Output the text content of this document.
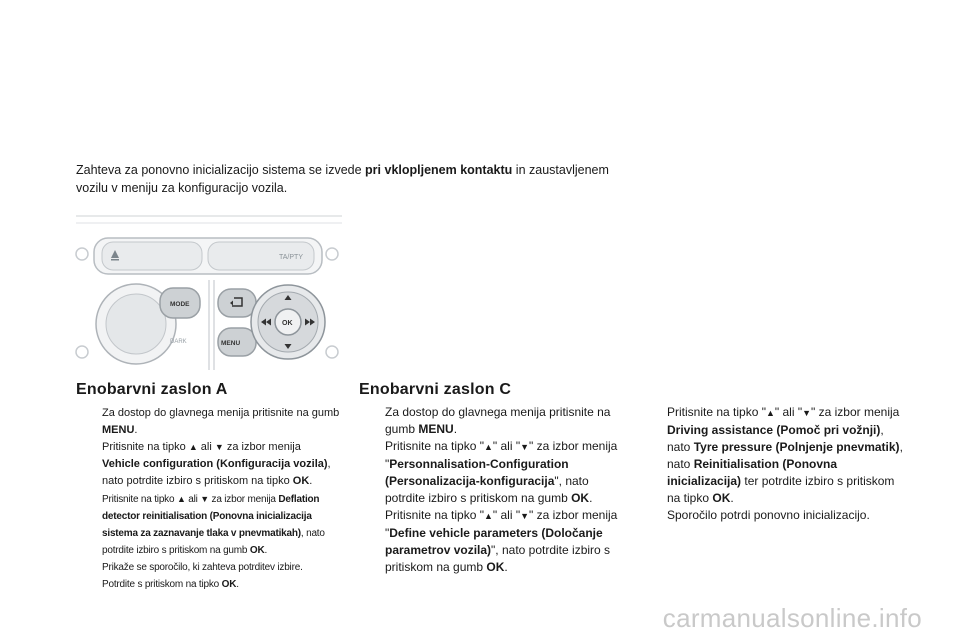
Zahteva za ponovno inicializacijo sistema se izvede pri vklopljenem kontaktu in zaustavljenem vozilu v meniju za konfiguracijo vozila.
TA/PTY
MODE
DARK	MENU
OK
Enobarvni zaslon A
Za dostop do glavnega menija pritisnite na gumb MENU.
Pritisnite na tipko ▲ ali ▼ za izbor menija Vehicle configuration (Konfiguracija vozila), nato potrdite izbiro s pritiskom na tipko OK.
Pritisnite na tipko ▲ ali ▼ za izbor menija Deflation detector reinitialisation (Ponovna inicializacija sistema za zaznavanje tlaka v pnevmatikah), nato potrdite izbiro s pritiskom na gumb OK.
Prikaže se sporočilo, ki zahteva potrditev izbire.
Potrdite s pritiskom na tipko OK.
Enobarvni zaslon C
Za dostop do glavnega menija pritisnite na gumb MENU.
Pritisnite na tipko "▲" ali "▼" za izbor menija "Personnalisation-Configuration (Personalizacija-konfiguracija", nato potrdite izbiro s pritiskom na gumb OK.
Pritisnite na tipko "▲" ali "▼" za izbor menija "Define vehicle parameters (Določanje parametrov vozila)", nato potrdite izbiro s pritiskom na gumb OK.
Pritisnite na tipko "▲" ali "▼" za izbor menija Driving assistance (Pomoč pri vožnji), nato Tyre pressure (Polnjenje pnevmatik), nato Reinitialisation (Ponovna inicializacija) ter potrdite izbiro s pritiskom na tipko OK.
Sporočilo potrdi ponovno inicializacijo.
carmanualsonline.info
